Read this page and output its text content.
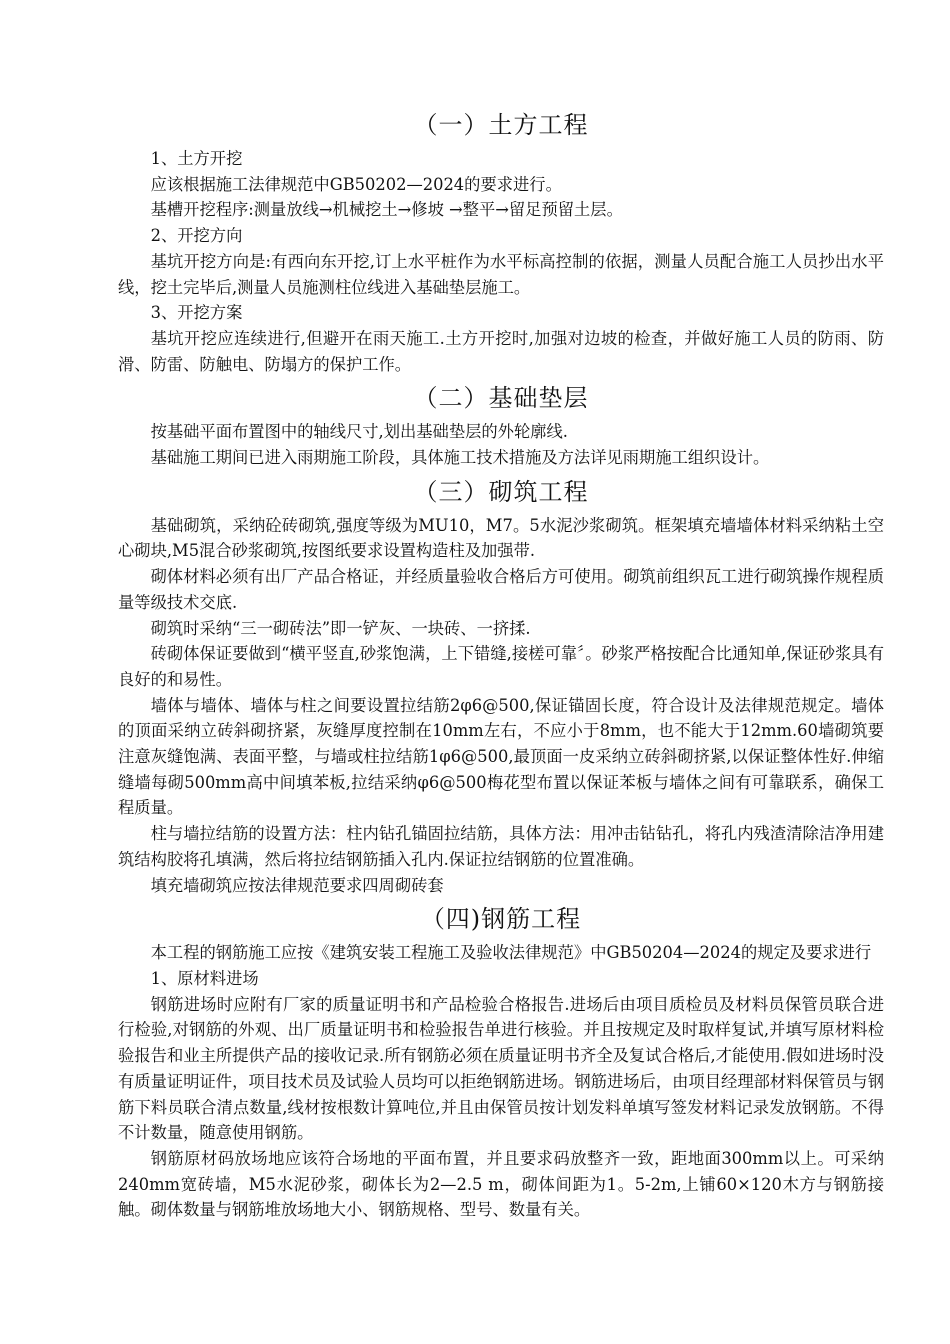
（一）土方工程

1、土方开挖

应该根据施工法律规范中GB50202—2024的要求进行。

基槽开挖程序:测量放线→机械挖土→修坡 →整平→留足预留土层。

2、开挖方向

基坑开挖方向是:有西向东开挖,订上水平桩作为水平标高控制的依据，测量人员配合施工人员抄出水平线，挖土完毕后,测量人员施测柱位线进入基础垫层施工。

3、开挖方案

基坑开挖应连续进行,但避开在雨天施工.土方开挖时,加强对边坡的检查，并做好施工人员的防雨、防滑、防雷、防触电、防塌方的保护工作。

（二）基础垫层

按基础平面布置图中的轴线尺寸,划出基础垫层的外轮廓线.

基础施工期间已进入雨期施工阶段，具体施工技术措施及方法详见雨期施工组织设计。

（三）砌筑工程

基础砌筑，采纳砼砖砌筑,强度等级为MU10，M7。5水泥沙浆砌筑。框架填充墙墙体材料采纳粘土空心砌块,M5混合砂浆砌筑,按图纸要求设置构造柱及加强带.

砌体材料必须有出厂产品合格证，并经质量验收合格后方可使用。砌筑前组织瓦工进行砌筑操作规程质量等级技术交底.

砌筑时采纳“三一砌砖法”即一铲灰、一块砖、一挤揉.

砖砌体保证要做到“横平竖直,砂浆饱满，上下错缝,接槎可靠〞。砂浆严格按配合比通知单,保证砂浆具有良好的和易性。

墙体与墙体、墙体与柱之间要设置拉结筋2φ6@500,保证锚固长度，符合设计及法律规范规定。墙体的顶面采纳立砖斜砌挤紧，灰缝厚度控制在10mm左右，不应小于8mm，也不能大于12mm.60墙砌筑要注意灰缝饱满、表面平整，与墙或柱拉结筋1φ6@500,最顶面一皮采纳立砖斜砌挤紧,以保证整体性好.伸缩缝墙每砌500mm高中间填苯板,拉结采纳φ6@500梅花型布置以保证苯板与墙体之间有可靠联系，确保工程质量。

柱与墙拉结筋的设置方法：柱内钻孔锚固拉结筋，具体方法：用冲击钻钻孔，将孔内残渣清除洁净用建筑结构胶将孔填满，然后将拉结钢筋插入孔内.保证拉结钢筋的位置准确。

填充墙砌筑应按法律规范要求四周砌砖套

（四)钢筋工程

本工程的钢筋施工应按《建筑安装工程施工及验收法律规范》中GB50204—2024的规定及要求进行

1、原材料进场

钢筋进场时应附有厂家的质量证明书和产品检验合格报告.进场后由项目质检员及材料员保管员联合进行检验,对钢筋的外观、出厂质量证明书和检验报告单进行核验。并且按规定及时取样复试,并填写原材料检验报告和业主所提供产品的接收记录.所有钢筋必须在质量证明书齐全及复试合格后,才能使用.假如进场时没有质量证明证件，项目技术员及试验人员均可以拒绝钢筋进场。钢筋进场后，由项目经理部材料保管员与钢筋下料员联合清点数量,线材按根数计算吨位,并且由保管员按计划发料单填写签发材料记录发放钢筋。不得不计数量，随意使用钢筋。

钢筋原材码放场地应该符合场地的平面布置，并且要求码放整齐一致，距地面300mm以上。可采纳240mm宽砖墙，M5水泥砂浆，砌体长为2—2.5 m，砌体间距为1。5-2m,上铺60×120木方与钢筋接触。砌体数量与钢筋堆放场地大小、钢筋规格、型号、数量有关。
